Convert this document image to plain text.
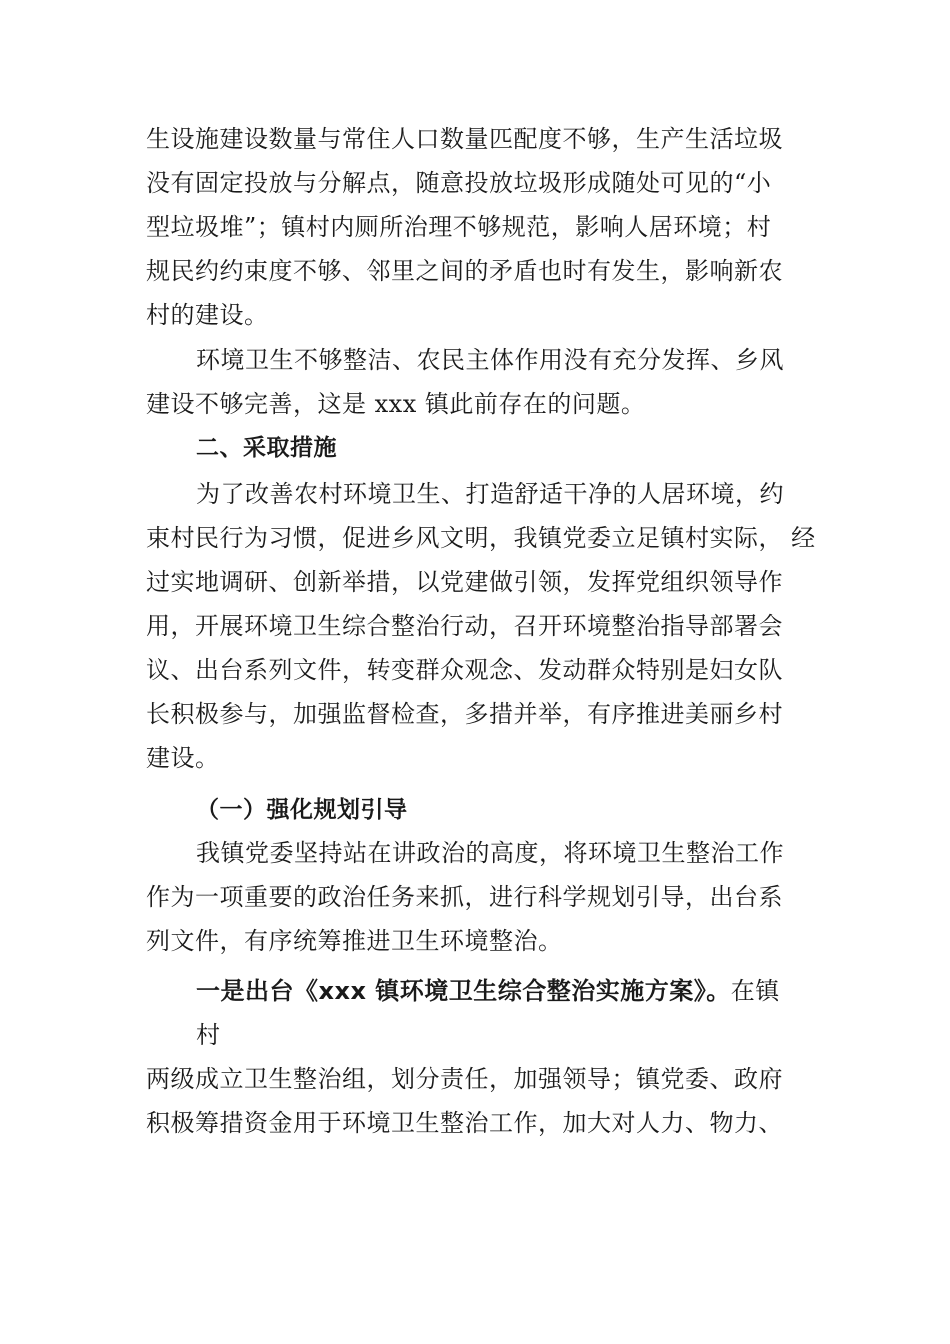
生设施建设数量与常住人口数量匹配度不够，生产生活垃圾
没有固定投放与分解点，随意投放垃圾形成随处可见的“小
型垃圾堆”；镇村内厕所治理不够规范，影响人居环境；村
规民约约束度不够、邻里之间的矛盾也时有发生，影响新农
村的建设。
环境卫生不够整洁、农民主体作用没有充分发挥、乡风
建设不够完善，这是 xxx 镇此前存在的问题。
二、采取措施
为了改善农村环境卫生、打造舒适干净的人居环境，约
束村民行为习惯，促进乡风文明，我镇党委立足镇村实际， 经
过实地调研、创新举措，以党建做引领，发挥党组织领导作
用，开展环境卫生综合整治行动，召开环境整治指导部署会
议、出台系列文件，转变群众观念、发动群众特别是妇女队
长积极参与，加强监督检查，多措并举，有序推进美丽乡村
建设。
（一）强化规划引导
我镇党委坚持站在讲政治的高度，将环境卫生整治工作
作为一项重要的政治任务来抓，进行科学规划引导，出台系
列文件，有序统筹推进卫生环境整治。
一是出台《xxx 镇环境卫生综合整治实施方案》。在镇
村
两级成立卫生整治组，划分责任，加强领导；镇党委、政府
积极筹措资金用于环境卫生整治工作，加大对人力、物力、
